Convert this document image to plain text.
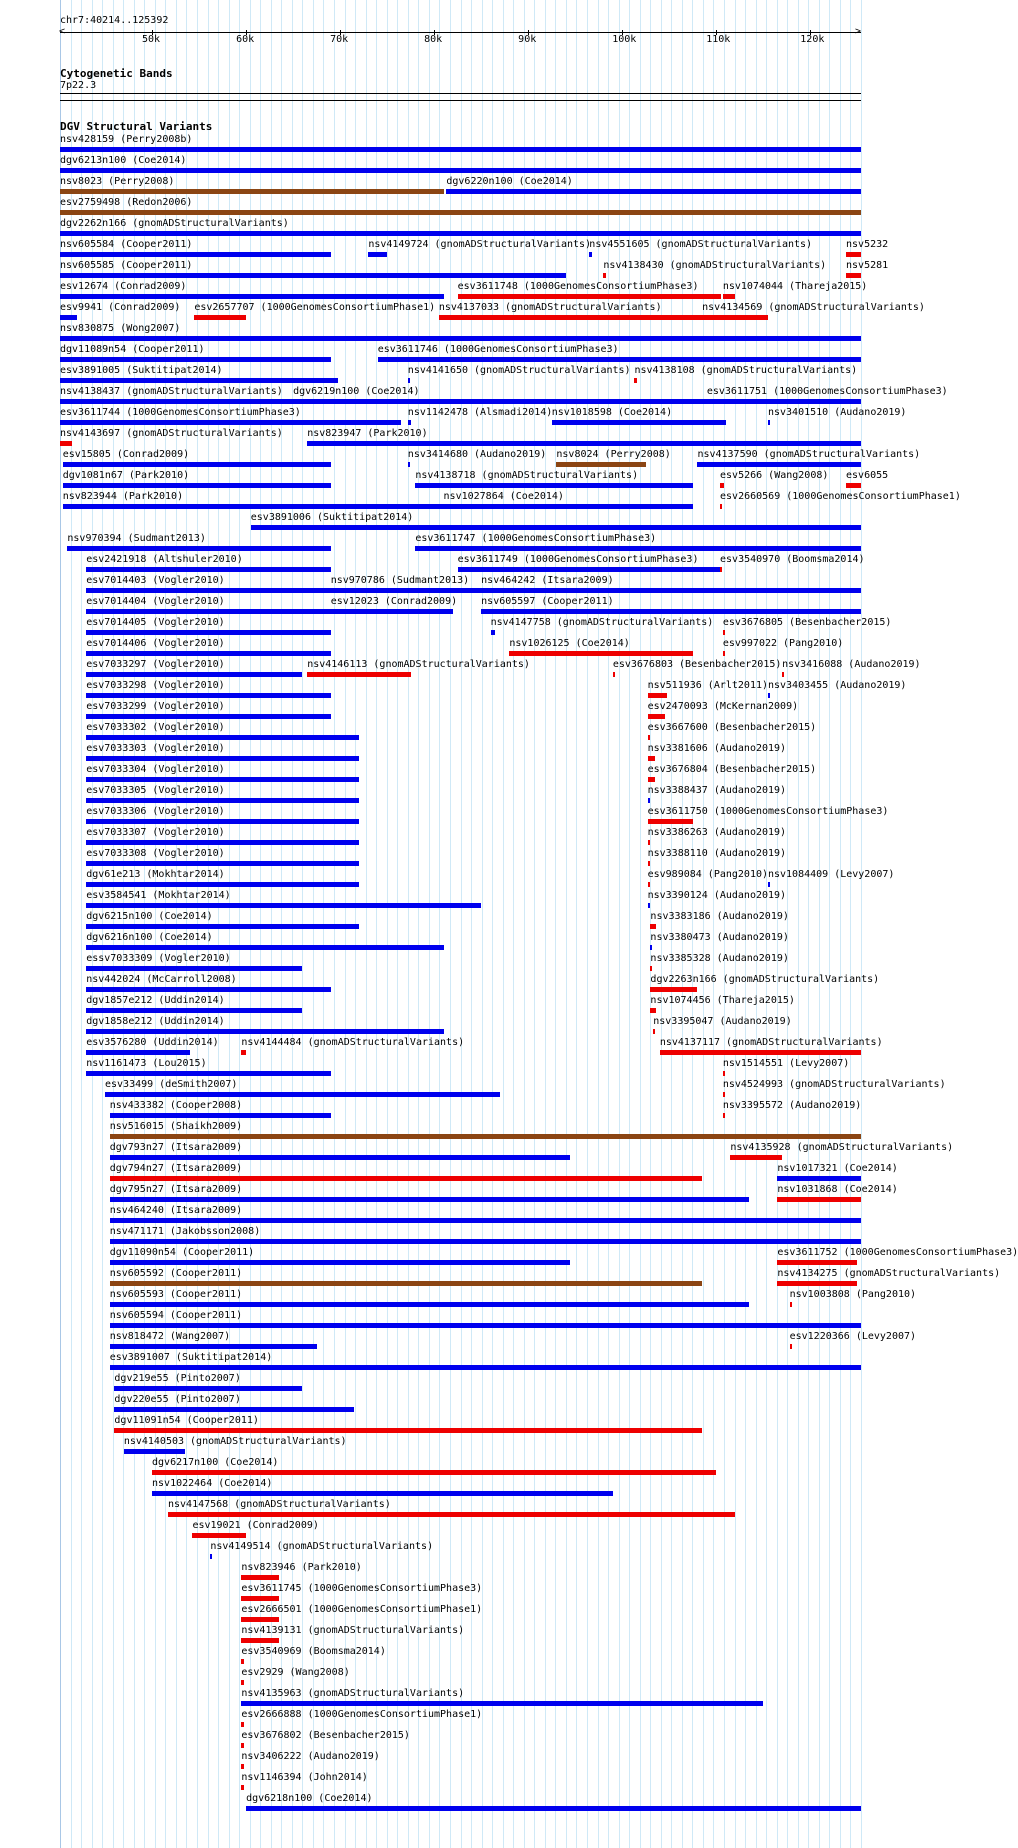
chr7:40214..125392
<	>
50k	60k	70k	80k	90k	100k	110k	120k
Cytogenetic Bands
7p22.3
DGV Structural Variants
nsv428159 (Perry2008b)
dgv6213n100 (Coe2014)
nsv8023 (Perry2008)	dgv6220n100 (Coe2014)
esv2759498 (Redon2006)
dgv2262n166 (gnomADStructuralVariants)
nsv605584 (Cooper2011)	nsv4149724 (gnomADStructuralVariants)
nsv4551605 (gnomADStructuralVariants)	nsv5232
nsv605585 (Cooper2011)	nsv4138430 (gnomADStructuralVariants) nsv5281
esv12674 (Conrad2009)	esv3611748 (1000GenomesConsortiumPhase3) nsv1074044 (Thareja2015)
esv9941 (Conrad2009) esv2657707 (1000GenomesConsortiumPhase1) nsv4137033 (gnomADStructuralVariants)	nsv4134569 (gnomADStructuralVariants)
nsv830875 (Wong2007)
dgv11089n54 (Cooper2011)	esv3611746 (1000GenomesConsortiumPhase3)
esv3891005 (Suktitipat2014)	nsv4141650 (gnomADStructuralVariants) nsv4138108 (gnomADStructuralVariants)
nsv4138437 (gnomADStructuralVariants) dgv6219n100 (Coe2014)	esv3611751 (1000GenomesConsortiumPhase3)
esv3611744 (1000GenomesConsortiumPhase3)	nsv1142478 (Alsmadi2014) nsv1018598 (Coe2014)	nsv3401510 (Audano2019)
nsv4143697 (gnomADStructuralVariants) nsv823947 (Park2010)
esv15805 (Conrad2009)	nsv3414680 (Audano2019) nsv8024 (Perry2008)	nsv4137590 (gnomADStructuralVariants)
dgv1081n67 (Park2010)	nsv4138718 (gnomADStructuralVariants)	esv5266 (Wang2008) esv6055
nsv823944 (Park2010)	nsv1027864 (Coe2014)	esv2660569 (1000GenomesConsortiumPhase1)
esv3891006 (Suktitipat2014)
nsv970394 (Sudmant2013)	esv3611747 (1000GenomesConsortiumPhase3)
esv2421918 (Altshuler2010)	esv3611749 (1000GenomesConsortiumPhase3) esv3540970 (Boomsma2014)
esv7014403 (Vogler2010)	nsv970786 (Sudmant2013) nsv464242 (Itsara2009)
esv7014404 (Vogler2010)	esv12023 (Conrad2009) nsv605597 (Cooper2011)
esv7014405 (Vogler2010)	nsv4147758 (gnomADStructuralVariants) esv3676805 (Besenbacher2015)
esv7014406 (Vogler2010)	nsv1026125 (Coe2014)	esv997022 (Pang2010)
esv7033297 (Vogler2010)	nsv4146113 (gnomADStructuralVariants)	esv3676803 (Besenbacher2015) nsv3416088 (Audano2019)
esv7033298 (Vogler2010)	nsv511936 (Arlt2011) nsv3403455 (Audano2019)
esv7033299 (Vogler2010)	esv2470093 (McKernan2009)
esv7033302 (Vogler2010)	esv3667600 (Besenbacher2015)
esv7033303 (Vogler2010)	nsv3381606 (Audano2019)
esv7033304 (Vogler2010)	esv3676804 (Besenbacher2015)
esv7033305 (Vogler2010)	nsv3388437 (Audano2019)
esv7033306 (Vogler2010)	esv3611750 (1000GenomesConsortiumPhase3)
esv7033307 (Vogler2010)	nsv3386263 (Audano2019)
esv7033308 (Vogler2010)	nsv3388110 (Audano2019)
dgv61e213 (Mokhtar2014)	esv989084 (Pang2010) nsv1084409 (Levy2007)
esv3584541 (Mokhtar2014)	nsv3390124 (Audano2019)
dgv6215n100 (Coe2014)	nsv3383186 (Audano2019)
dgv6216n100 (Coe2014)	nsv3380473 (Audano2019)
essv7033309 (Vogler2010)	nsv3385328 (Audano2019)
nsv442024 (McCarroll2008)	dgv2263n166 (gnomADStructuralVariants)
dgv1857e212 (Uddin2014)	nsv1074456 (Thareja2015)
dgv1858e212 (Uddin2014)	nsv3395047 (Audano2019)
esv3576280 (Uddin2014) nsv4144484 (gnomADStructuralVariants)	nsv4137117 (gnomADStructuralVariants)
nsv1161473 (Lou2015)	nsv1514551 (Levy2007)
esv33499 (deSmith2007)	nsv4524993 (gnomADStructuralVariants)
nsv433382 (Cooper2008)	nsv3395572 (Audano2019)
nsv516015 (Shaikh2009)
dgv793n27 (Itsara2009)	nsv4135928 (gnomADStructuralVariants)
dgv794n27 (Itsara2009)	nsv1017321 (Coe2014)
dgv795n27 (Itsara2009)	nsv1031868 (Coe2014)
nsv464240 (Itsara2009)
nsv471171 (Jakobsson2008)
dgv11090n54 (Cooper2011)	esv3611752 (1000GenomesConsortiumPhase3)
nsv605592 (Cooper2011)	nsv4134275 (gnomADStructuralVariants)
nsv605593 (Cooper2011)	nsv1003808 (Pang2010)
nsv605594 (Cooper2011)
nsv818472 (Wang2007)	esv1220366 (Levy2007)
esv3891007 (Suktitipat2014)
dgv219e55 (Pinto2007)
dgv220e55 (Pinto2007)
dgv11091n54 (Cooper2011)
nsv4140503 (gnomADStructuralVariants)
dgv6217n100 (Coe2014)
nsv1022464 (Coe2014)
nsv4147568 (gnomADStructuralVariants)
esv19021 (Conrad2009)
nsv4149514 (gnomADStructuralVariants)
nsv823946 (Park2010)
esv3611745 (1000GenomesConsortiumPhase3)
esv2666501 (1000GenomesConsortiumPhase1)
nsv4139131 (gnomADStructuralVariants)
esv3540969 (Boomsma2014)
esv2929 (Wang2008)
nsv4135963 (gnomADStructuralVariants)
esv2666888 (1000GenomesConsortiumPhase1)
esv3676802 (Besenbacher2015)
nsv3406222 (Audano2019)
nsv1146394 (John2014)
dgv6218n100 (Coe2014)
